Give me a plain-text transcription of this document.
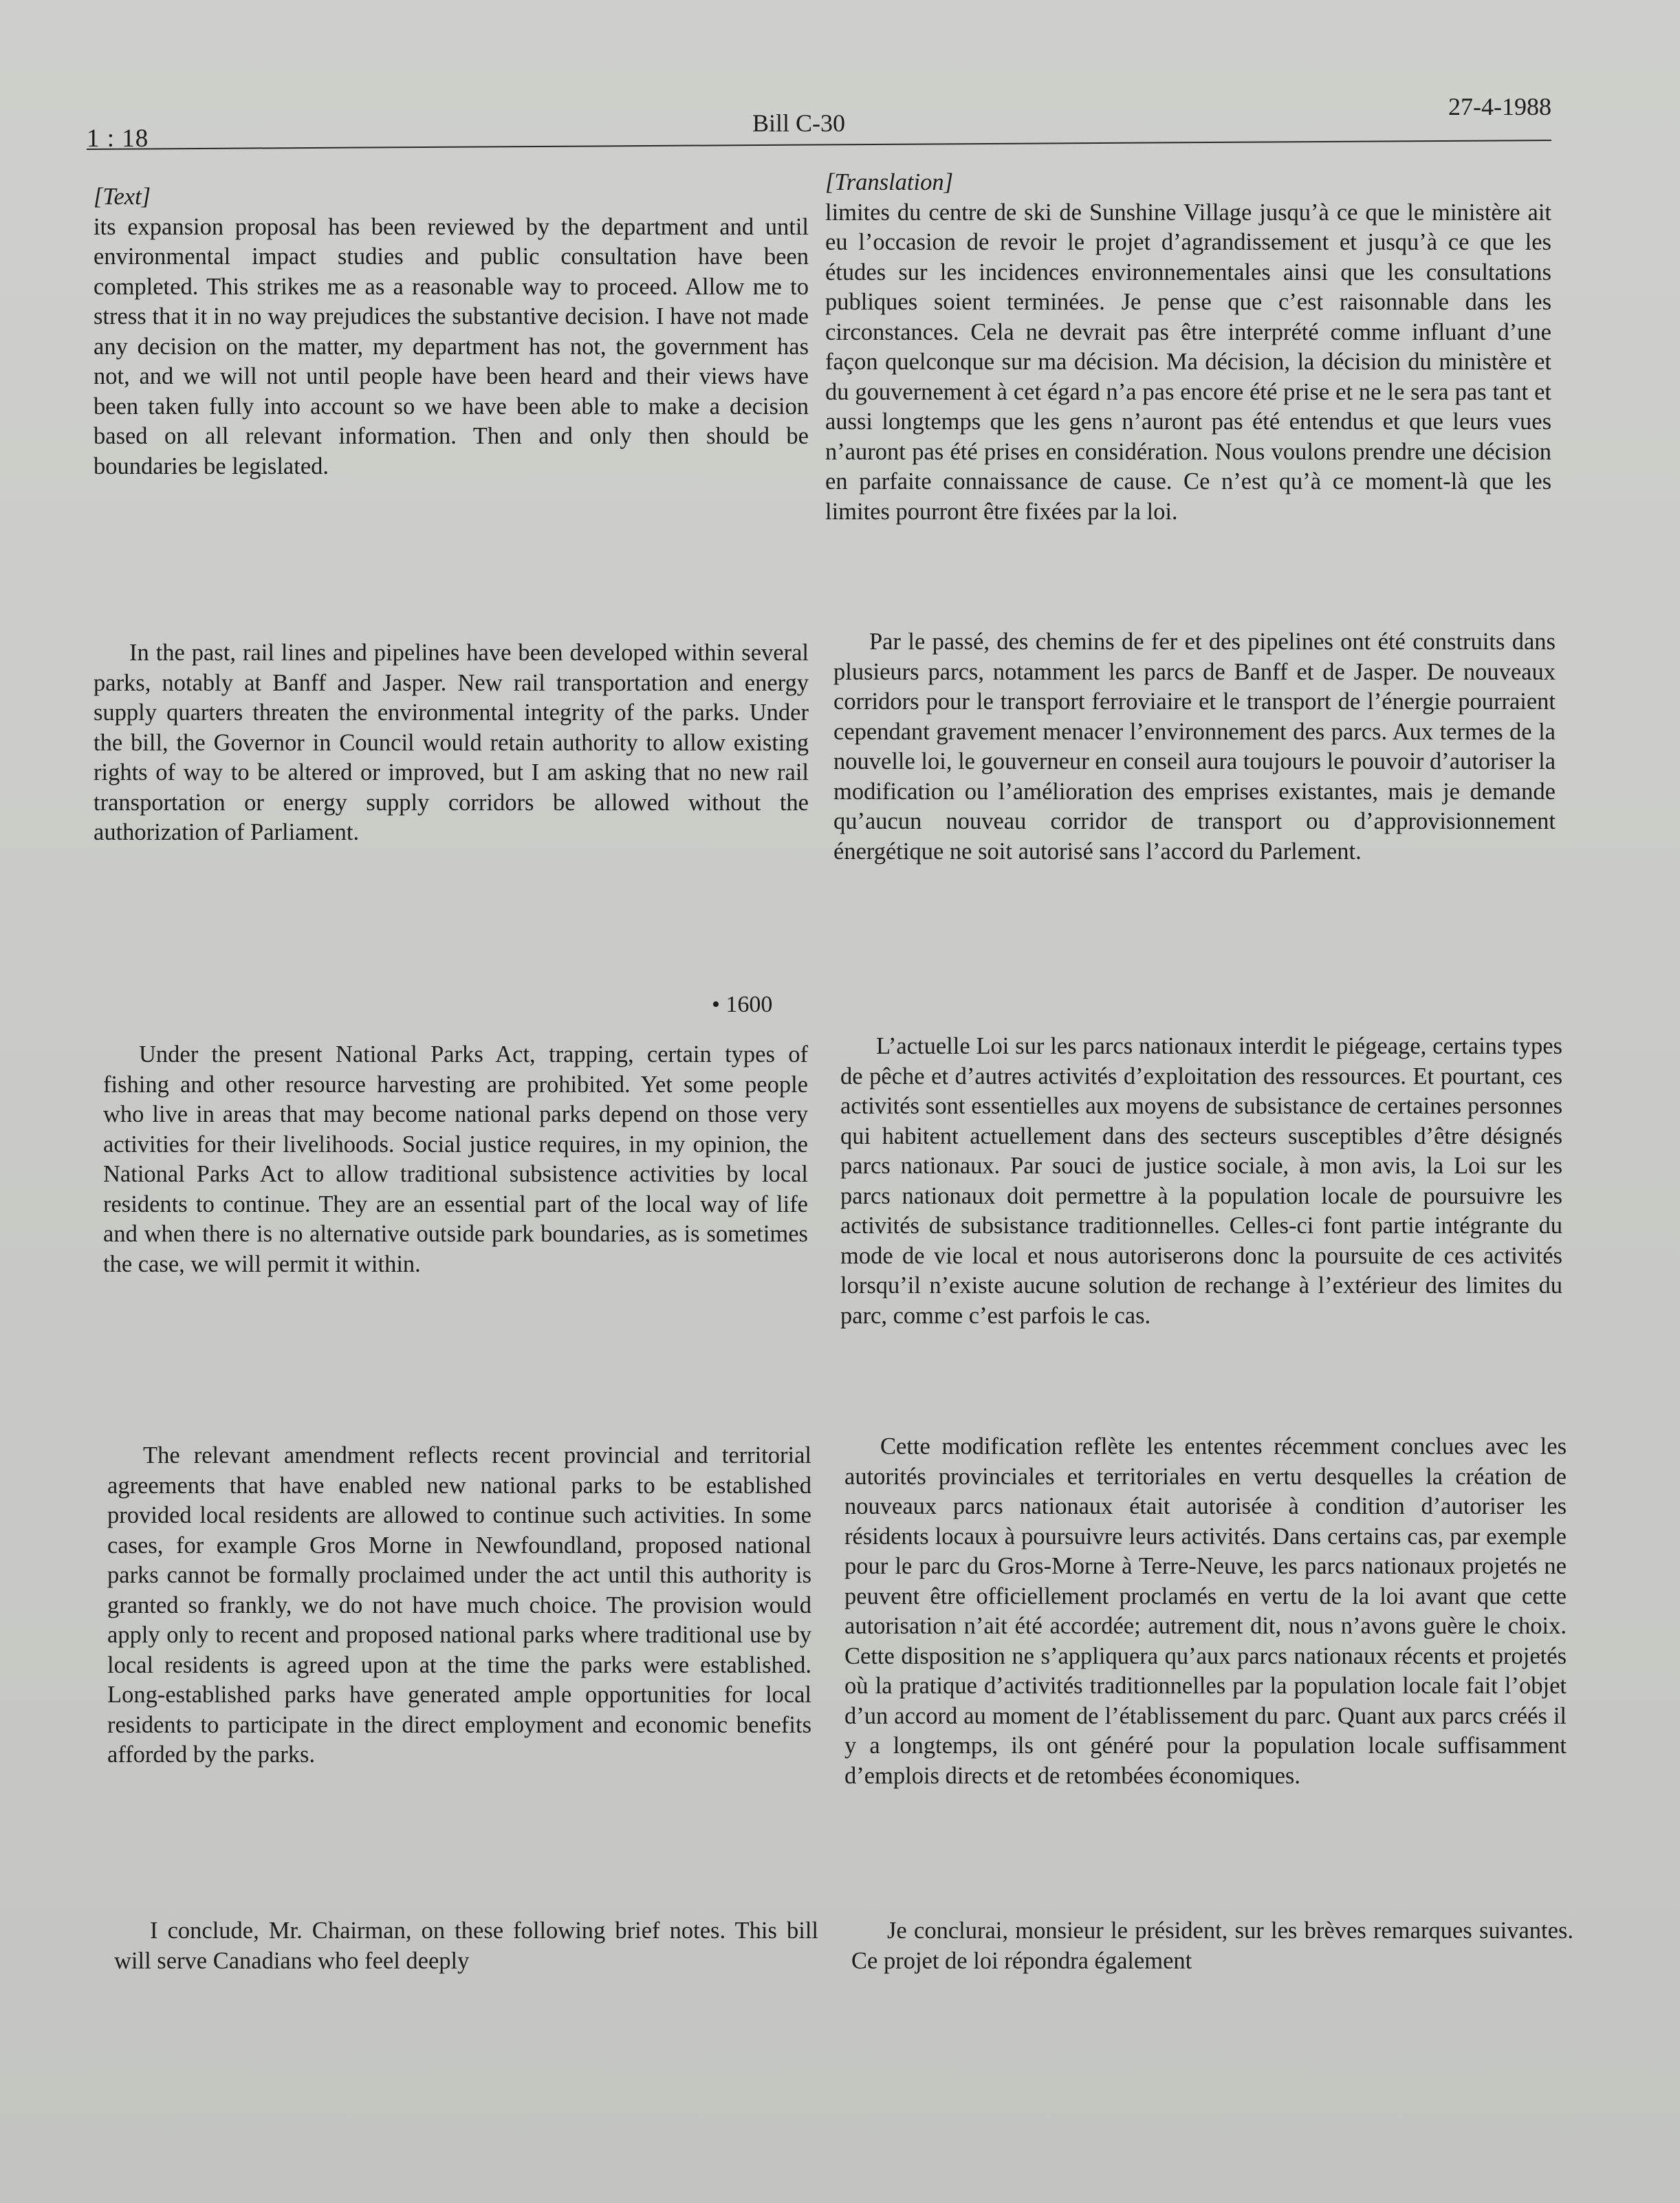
1 : 18
Bill C-30
27-4-1988

[Text]

its expansion proposal has been reviewed by the department and until environmental impact studies and public consultation have been completed. This strikes me as a reasonable way to proceed. Allow me to stress that it in no way prejudices the substantive decision. I have not made any decision on the matter, my department has not, the government has not, and we will not until people have been heard and their views have been taken fully into account so we have been able to make a decision based on all relevant information. Then and only then should be boundaries be legislated.

In the past, rail lines and pipelines have been developed within several parks, notably at Banff and Jasper. New rail transportation and energy supply quarters threaten the environmental integrity of the parks. Under the bill, the Governor in Council would retain authority to allow existing rights of way to be altered or improved, but I am asking that no new rail transportation or energy supply corridors be allowed without the authorization of Parliament.

• 1600

Under the present National Parks Act, trapping, certain types of fishing and other resource harvesting are prohibited. Yet some people who live in areas that may become national parks depend on those very activities for their livelihoods. Social justice requires, in my opinion, the National Parks Act to allow traditional subsistence activities by local residents to continue. They are an essential part of the local way of life and when there is no alternative outside park boundaries, as is sometimes the case, we will permit it within.

The relevant amendment reflects recent provincial and territorial agreements that have enabled new national parks to be established provided local residents are allowed to continue such activities. In some cases, for example Gros Morne in Newfoundland, proposed national parks cannot be formally proclaimed under the act until this authority is granted so frankly, we do not have much choice. The provision would apply only to recent and proposed national parks where traditional use by local residents is agreed upon at the time the parks were established. Long-established parks have generated ample opportunities for local residents to participate in the direct employment and economic benefits afforded by the parks.

I conclude, Mr. Chairman, on these following brief notes. This bill will serve Canadians who feel deeply

[Translation]

limites du centre de ski de Sunshine Village jusqu’à ce que le ministère ait eu l’occasion de revoir le projet d’agrandissement et jusqu’à ce que les études sur les incidences environnementales ainsi que les consultations publiques soient terminées. Je pense que c’est raisonnable dans les circonstances. Cela ne devrait pas être interprété comme influant d’une façon quelconque sur ma décision. Ma décision, la décision du ministère et du gouvernement à cet égard n’a pas encore été prise et ne le sera pas tant et aussi longtemps que les gens n’auront pas été entendus et que leurs vues n’auront pas été prises en considération. Nous voulons prendre une décision en parfaite connaissance de cause. Ce n’est qu’à ce moment-là que les limites pourront être fixées par la loi.

Par le passé, des chemins de fer et des pipelines ont été construits dans plusieurs parcs, notamment les parcs de Banff et de Jasper. De nouveaux corridors pour le transport ferroviaire et le transport de l’énergie pourraient cependant gravement menacer l’environnement des parcs. Aux termes de la nouvelle loi, le gouverneur en conseil aura toujours le pouvoir d’autoriser la modification ou l’amélioration des emprises existantes, mais je demande qu’aucun nouveau corridor de transport ou d’approvisionnement énergétique ne soit autorisé sans l’accord du Parlement.

L’actuelle Loi sur les parcs nationaux interdit le piégeage, certains types de pêche et d’autres activités d’exploitation des ressources. Et pourtant, ces activités sont essentielles aux moyens de subsistance de certaines personnes qui habitent actuellement dans des secteurs susceptibles d’être désignés parcs nationaux. Par souci de justice sociale, à mon avis, la Loi sur les parcs nationaux doit permettre à la population locale de poursuivre les activités de subsistance traditionnelles. Celles-ci font partie intégrante du mode de vie local et nous autoriserons donc la poursuite de ces activités lorsqu’il n’existe aucune solution de rechange à l’extérieur des limites du parc, comme c’est parfois le cas.

Cette modification reflète les ententes récemment conclues avec les autorités provinciales et territoriales en vertu desquelles la création de nouveaux parcs nationaux était autorisée à condition d’autoriser les résidents locaux à poursuivre leurs activités. Dans certains cas, par exemple pour le parc du Gros-Morne à Terre-Neuve, les parcs nationaux projetés ne peuvent être officiellement proclamés en vertu de la loi avant que cette autorisation n’ait été accordée; autrement dit, nous n’avons guère le choix. Cette disposition ne s’appliquera qu’aux parcs nationaux récents et projetés où la pratique d’activités traditionnelles par la population locale fait l’objet d’un accord au moment de l’établissement du parc. Quant aux parcs créés il y a longtemps, ils ont généré pour la population locale suffisamment d’emplois directs et de retombées économiques.

Je conclurai, monsieur le président, sur les brèves remarques suivantes. Ce projet de loi répondra également
